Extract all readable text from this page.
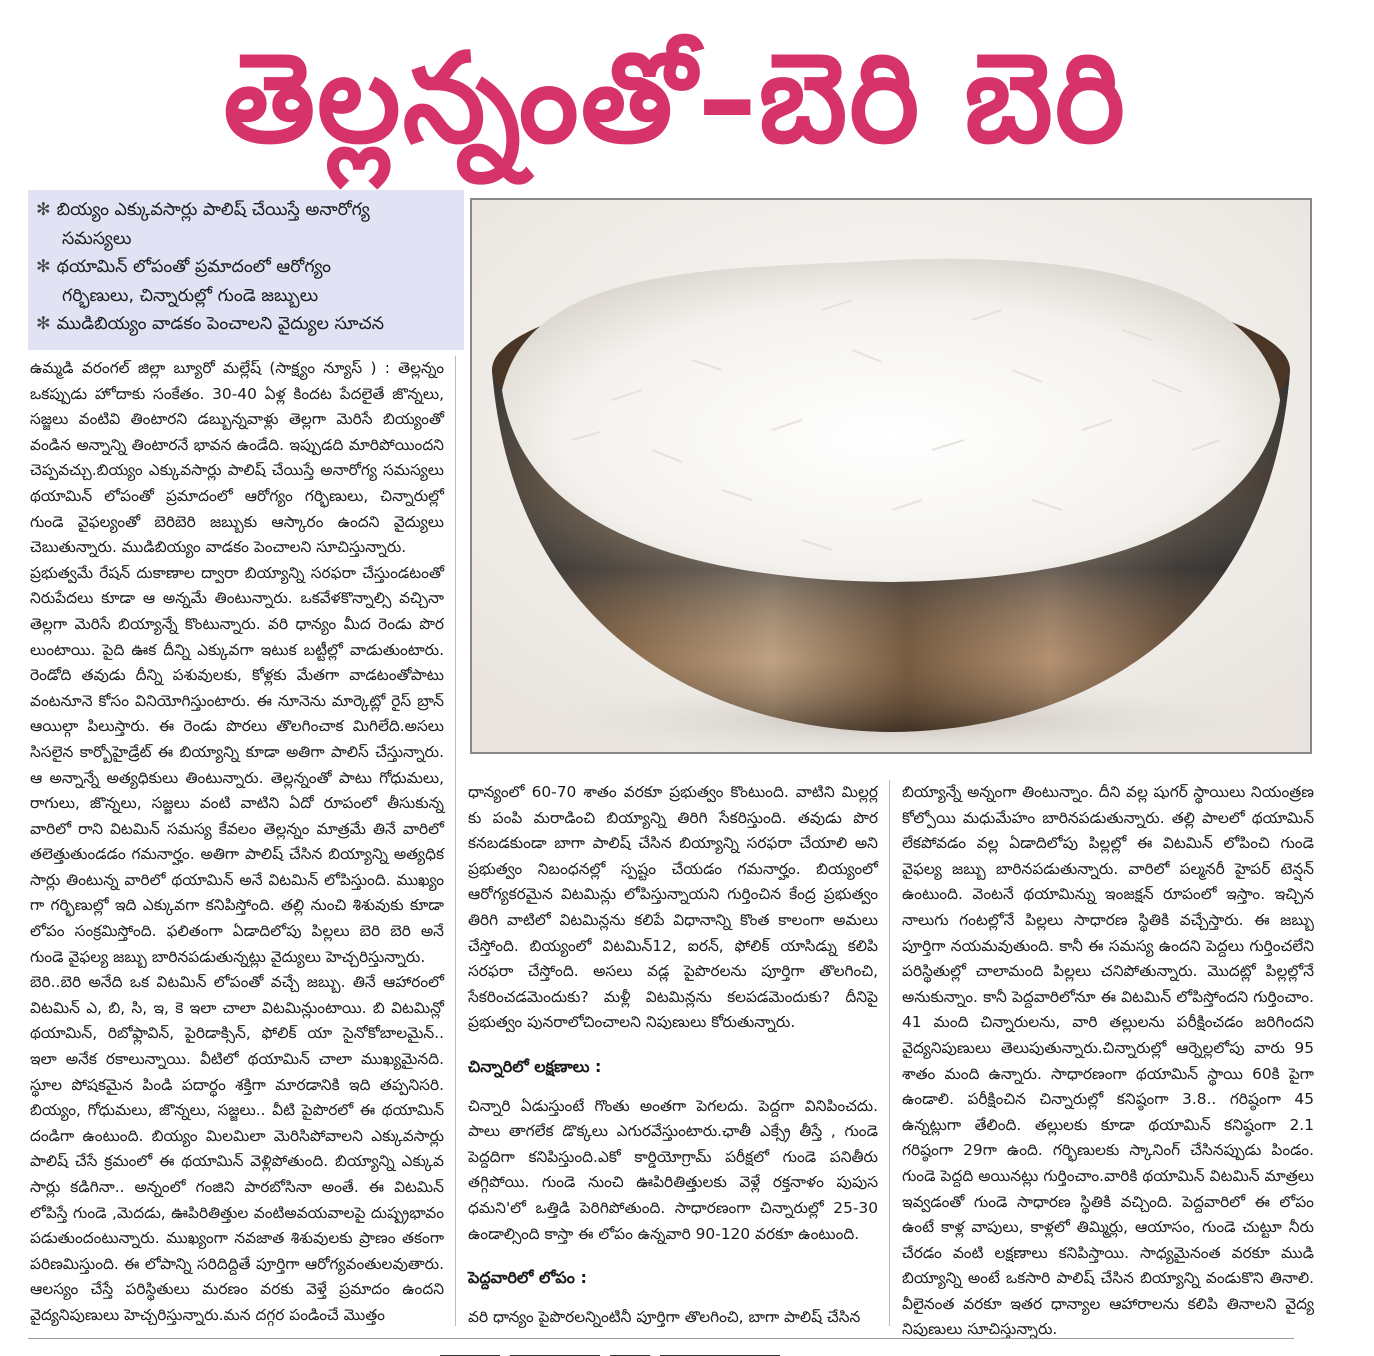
తెల్లన్నంతో–బెరి బెరి
✻ బియ్యం ఎక్కువసార్లు పాలిష్ చేయిస్తే అనారోగ్య
సమస్యలు
✻ థయామిన్ లోపంతో ప్రమాదంలో ఆరోగ్యం
గర్భిణులు, చిన్నారుల్లో గుండె జబ్బులు
✻ ముడిబియ్యం వాడకం పెంచాలని వైద్యుల సూచన

ఉమ్మడి వరంగల్ జిల్లా బ్యూరో మల్లేష్ (సాక్ష్యం న్యూస్ ) : తెల్లన్నం ఒకప్పుడు హోదాకు సంకేతం. 30-40 ఏళ్ల కిందట పేదలైతే జొన్నలు, సజ్జలు వంటివి తింటారని డబ్బున్నవాళ్లు తెల్లగా మెరిసే బియ్యంతో వండిన అన్నాన్ని తింటారనే భావన ఉండేది. ఇప్పుడది మారిపోయిందని చెప్పవచ్చు.బియ్యం ఎక్కువసార్లు పాలిష్ చేయిస్తే అనారోగ్య సమస్యలు థయామిన్ లోపంతో ప్రమాదంలో ఆరోగ్యం గర్భిణులు, చిన్నారుల్లో గుండె వైఫల్యంతో బెరిబెరి జబ్బుకు ఆస్కారం ఉందని వైద్యులు చెబుతున్నారు. ముడిబియ్యం వాడకం పెంచాలని సూచిస్తున్నారు.

ప్రభుత్వమే రేషన్ దుకాణాల ద్వారా బియ్యాన్ని సరఫరా చేస్తుండటంతో నిరుపేదలు కూడా ఆ అన్నమే తింటున్నారు. ఒకవేళకొన్నాల్సి వచ్చినా తెల్లగా మెరిసే బియ్యాన్నే కొంటున్నారు. వరి ధాన్యం మీద రెండు పొర లుంటాయి. పైది ఊక దీన్ని ఎక్కువగా ఇటుక బట్టీల్లో వాడుతుంటారు. రెండోది తవుడు దీన్ని పశువులకు, కోళ్లకు మేతగా వాడటంతోపాటు వంటనూనె కోసం వినియోగిస్తుంటారు. ఈ నూనెను మార్కెట్లో రైస్ బ్రాన్ ఆయిల్గా పిలుస్తారు. ఈ రెండు పొరలు తొలగించాక మిగిలేది.అసలు సిసలైన కార్బోహైడ్రేట్ ఈ బియ్యాన్ని కూడా అతిగా పాలిస్ చేస్తున్నారు. ఆ అన్నాన్నే అత్యధికులు తింటున్నారు. తెల్లన్నంతో పాటు గోధుమలు, రాగులు, జొన్నలు, సజ్జలు వంటి వాటిని ఏదో రూపంలో తీసుకున్న వారిలో రాని విటమిన్ సమస్య కేవలం తెల్లన్నం మాత్రమే తినే వారిలో తలెత్తుతుండడం గమనార్హం. అతిగా పాలిష్ చేసిన బియ్యాన్ని అత్యధిక సార్లు తింటున్న వారిలో థయామిన్ అనే విటమిన్ లోపిస్తుంది. ముఖ్యం గా గర్భిణుల్లో ఇది ఎక్కువగా కనిపిస్తోంది. తల్లి నుంచి శిశువుకు కూడా లోపం సంక్రమిస్తోంది. ఫలితంగా ఏడాదిలోపు పిల్లలు బెరి బెరి అనే గుండె వైఫల్య జబ్బు బారినపడుతున్నట్లు వైద్యులు హెచ్చరిస్తున్నారు.

బెరి..బెరి అనేది ఒక విటమిన్ లోపంతో వచ్చే జబ్బు. తినే ఆహారంలో విటమిన్ ఎ, బి, సి, ఇ, కె ఇలా చాలా విటమిన్లుంటాయి. బి విటమిన్లో థయామిన్, రిబోఫ్లావిన్, పైరిడాక్సిన్, ఫోలిక్ యా సైనోకోబాలమైన్.. ఇలా అనేక రకాలున్నాయి. వీటిలో థయామిన్ చాలా ముఖ్యమైనది. స్థూల పోషకమైన పిండి పదార్థం శక్తిగా మారడానికి ఇది తప్పనిసరి. బియ్యం, గోధుమలు, జొన్నలు, సజ్జలు.. వీటి పైపొరలో ఈ థయామిన్ దండిగా ఉంటుంది. బియ్యం మిలమిలా మెరిసిపోవాలని ఎక్కువసార్లు పాలిష్ చేసే క్రమంలో ఈ థయామిన్ వెళ్లిపోతుంది. బియ్యాన్ని ఎక్కువ సార్లు కడిగినా.. అన్నంలో గంజిని పారబోసినా అంతే. ఈ విటమిన్ లోపిస్తే గుండె ,మెదడు, ఊపిరితిత్తుల వంటిఅవయవాలపై దుష్ప్రభావం పడుతుందంటున్నారు. ముఖ్యంగా నవజాత శిశువులకు ప్రాణం తకంగా పరిణమిస్తుంది. ఈ లోపాన్ని సరిదిద్దితే పూర్తిగా ఆరోగ్యవంతులవుతారు. ఆలస్యం చేస్తే పరిస్థితులు మరణం వరకు వెళ్తే ప్రమాదం ఉందని వైద్యనిపుణులు హెచ్చరిస్తున్నారు.మన దగ్గర పండించే మొత్తం

ధాన్యంలో 60-70 శాతం వరకూ ప్రభుత్వం కొంటుంది. వాటిని మిల్లర్ల కు పంపి మరాడించి బియ్యాన్ని తిరిగి సేకరిస్తుంది. తవుడు పొర కనబడకుండా బాగా పాలిష్ చేసిన బియ్యాన్ని సరఫరా చేయాలి అని ప్రభుత్వం నిబంధనల్లో స్పష్టం చేయడం గమనార్హం. బియ్యంలో ఆరోగ్యకరమైన విటమిన్లు లోపిస్తున్నాయని గుర్తించిన కేంద్ర ప్రభుత్వం తిరిగి వాటిలో విటమిన్లను కలిపే విధానాన్ని కొంత కాలంగా అమలు చేస్తోంది. బియ్యంలో విటమిన్12, ఐరన్, ఫోలిక్ యాసిడ్ను కలిపి సరఫరా చేస్తోంది. అసలు వడ్ల పైపొరలను పూర్తిగా తొలగించి, సేకరించడమెందుకు? మళ్లీ విటమిన్లను కలపడమెందుకు? దీనిపై ప్రభుత్వం పునరాలోచించాలని నిపుణులు కోరుతున్నారు.

చిన్నారిలో లక్షణాలు :

చిన్నారి ఏడుస్తుంటే గొంతు అంతగా పెగలదు. పెద్దగా వినిపించదు. పాలు తాగలేక డొక్కలు ఎగురవేస్తుంటారు.ఛాతీ ఎక్స్రే తీస్తే , గుండె పెద్దదిగా కనిపిస్తుంది.ఎకో కార్డియోగ్రామ్ పరీక్షలో గుండె పనితీరు తగ్గిపోయి. గుండె నుంచి ఊపిరితిత్తులకు వెళ్లే రక్తనాళం పుపుస ధమని'లో ఒత్తిడి పెరిగిపోతుంది. సాధారణంగా చిన్నారుల్లో 25-30 ఉండాల్సింది కాస్తా ఈ లోపం ఉన్నవారి 90-120 వరకూ ఉంటుంది.

పెద్దవారిలో లోపం :

వరి ధాన్యం పైపొరలన్నింటినీ పూర్తిగా తొలగించి, బాగా పాలిష్ చేసిన

బియ్యాన్నే అన్నంగా తింటున్నాం. దీని వల్ల షుగర్ స్థాయిలు నియంత్రణ కోల్పోయి మధుమేహం బారినపడుతున్నారు. తల్లి పాలలో థయామిన్ లేకపోవడం వల్ల ఏడాదిలోపు పిల్లల్లో ఈ విటమిన్ లోపించి గుండె వైఫల్య జబ్బు బారినపడుతున్నారు. వారిలో పల్మనరీ హైపర్ టెన్షన్ ఉంటుంది. వెంటనే థయామిన్ను ఇంజక్షన్ రూపంలో ఇస్తాం. ఇచ్చిన నాలుగు గంటల్లోనే పిల్లలు సాధారణ స్థితికి వచ్చేస్తారు. ఈ జబ్బు పూర్తిగా నయమవుతుంది. కానీ ఈ సమస్య ఉందని పెద్దలు గుర్తించలేని పరిస్థితుల్లో చాలామంది పిల్లలు చనిపోతున్నారు. మొదట్లో పిల్లల్లోనే అనుకున్నాం. కానీ పెద్దవారిలోనూ ఈ విటమిన్ లోపిస్తోందని గుర్తించాం. 41 మంది చిన్నారులను, వారి తల్లులను పరీక్షించడం జరిగిందని వైద్యనిపుణులు తెలుపుతున్నారు.చిన్నారుల్లో ఆర్నెల్లలోపు వారు 95 శాతం మంది ఉన్నారు. సాధారణంగా థయామిన్ స్థాయి 60కి పైగా ఉండాలి. పరీక్షించిన చిన్నారుల్లో కనిష్ఠంగా 3.8.. గరిష్ఠంగా 45 ఉన్నట్లుగా తేలింది. తల్లులకు కూడా థయామిన్ కనిష్ఠంగా 2.1 గరిష్ఠంగా 29గా ఉంది. గర్భిణులకు స్కానింగ్ చేసినప్పుడు పిండం. గుండె పెద్దది అయినట్లు గుర్తించాం.వారికి థయామిన్ విటమిన్ మాత్రలు ఇవ్వడంతో గుండె సాధారణ స్థితికి వచ్చింది. పెద్దవారిలో ఈ లోపం ఉంటే కాళ్ల వాపులు, కాళ్లలో తిమ్మిర్లు, ఆయాసం, గుండె చుట్టూ నీరు చేరడం వంటి లక్షణాలు కనిపిస్తాయి. సాధ్యమైనంత వరకూ ముడి బియ్యాన్ని అంటే ఒకసారి పాలిష్ చేసిన బియ్యాన్ని వండుకొని తినాలి. వీలైనంత వరకూ ఇతర ధాన్యాల ఆహారాలను కలిపి తినాలని వైద్య నిపుణులు సూచిస్తున్నారు.
